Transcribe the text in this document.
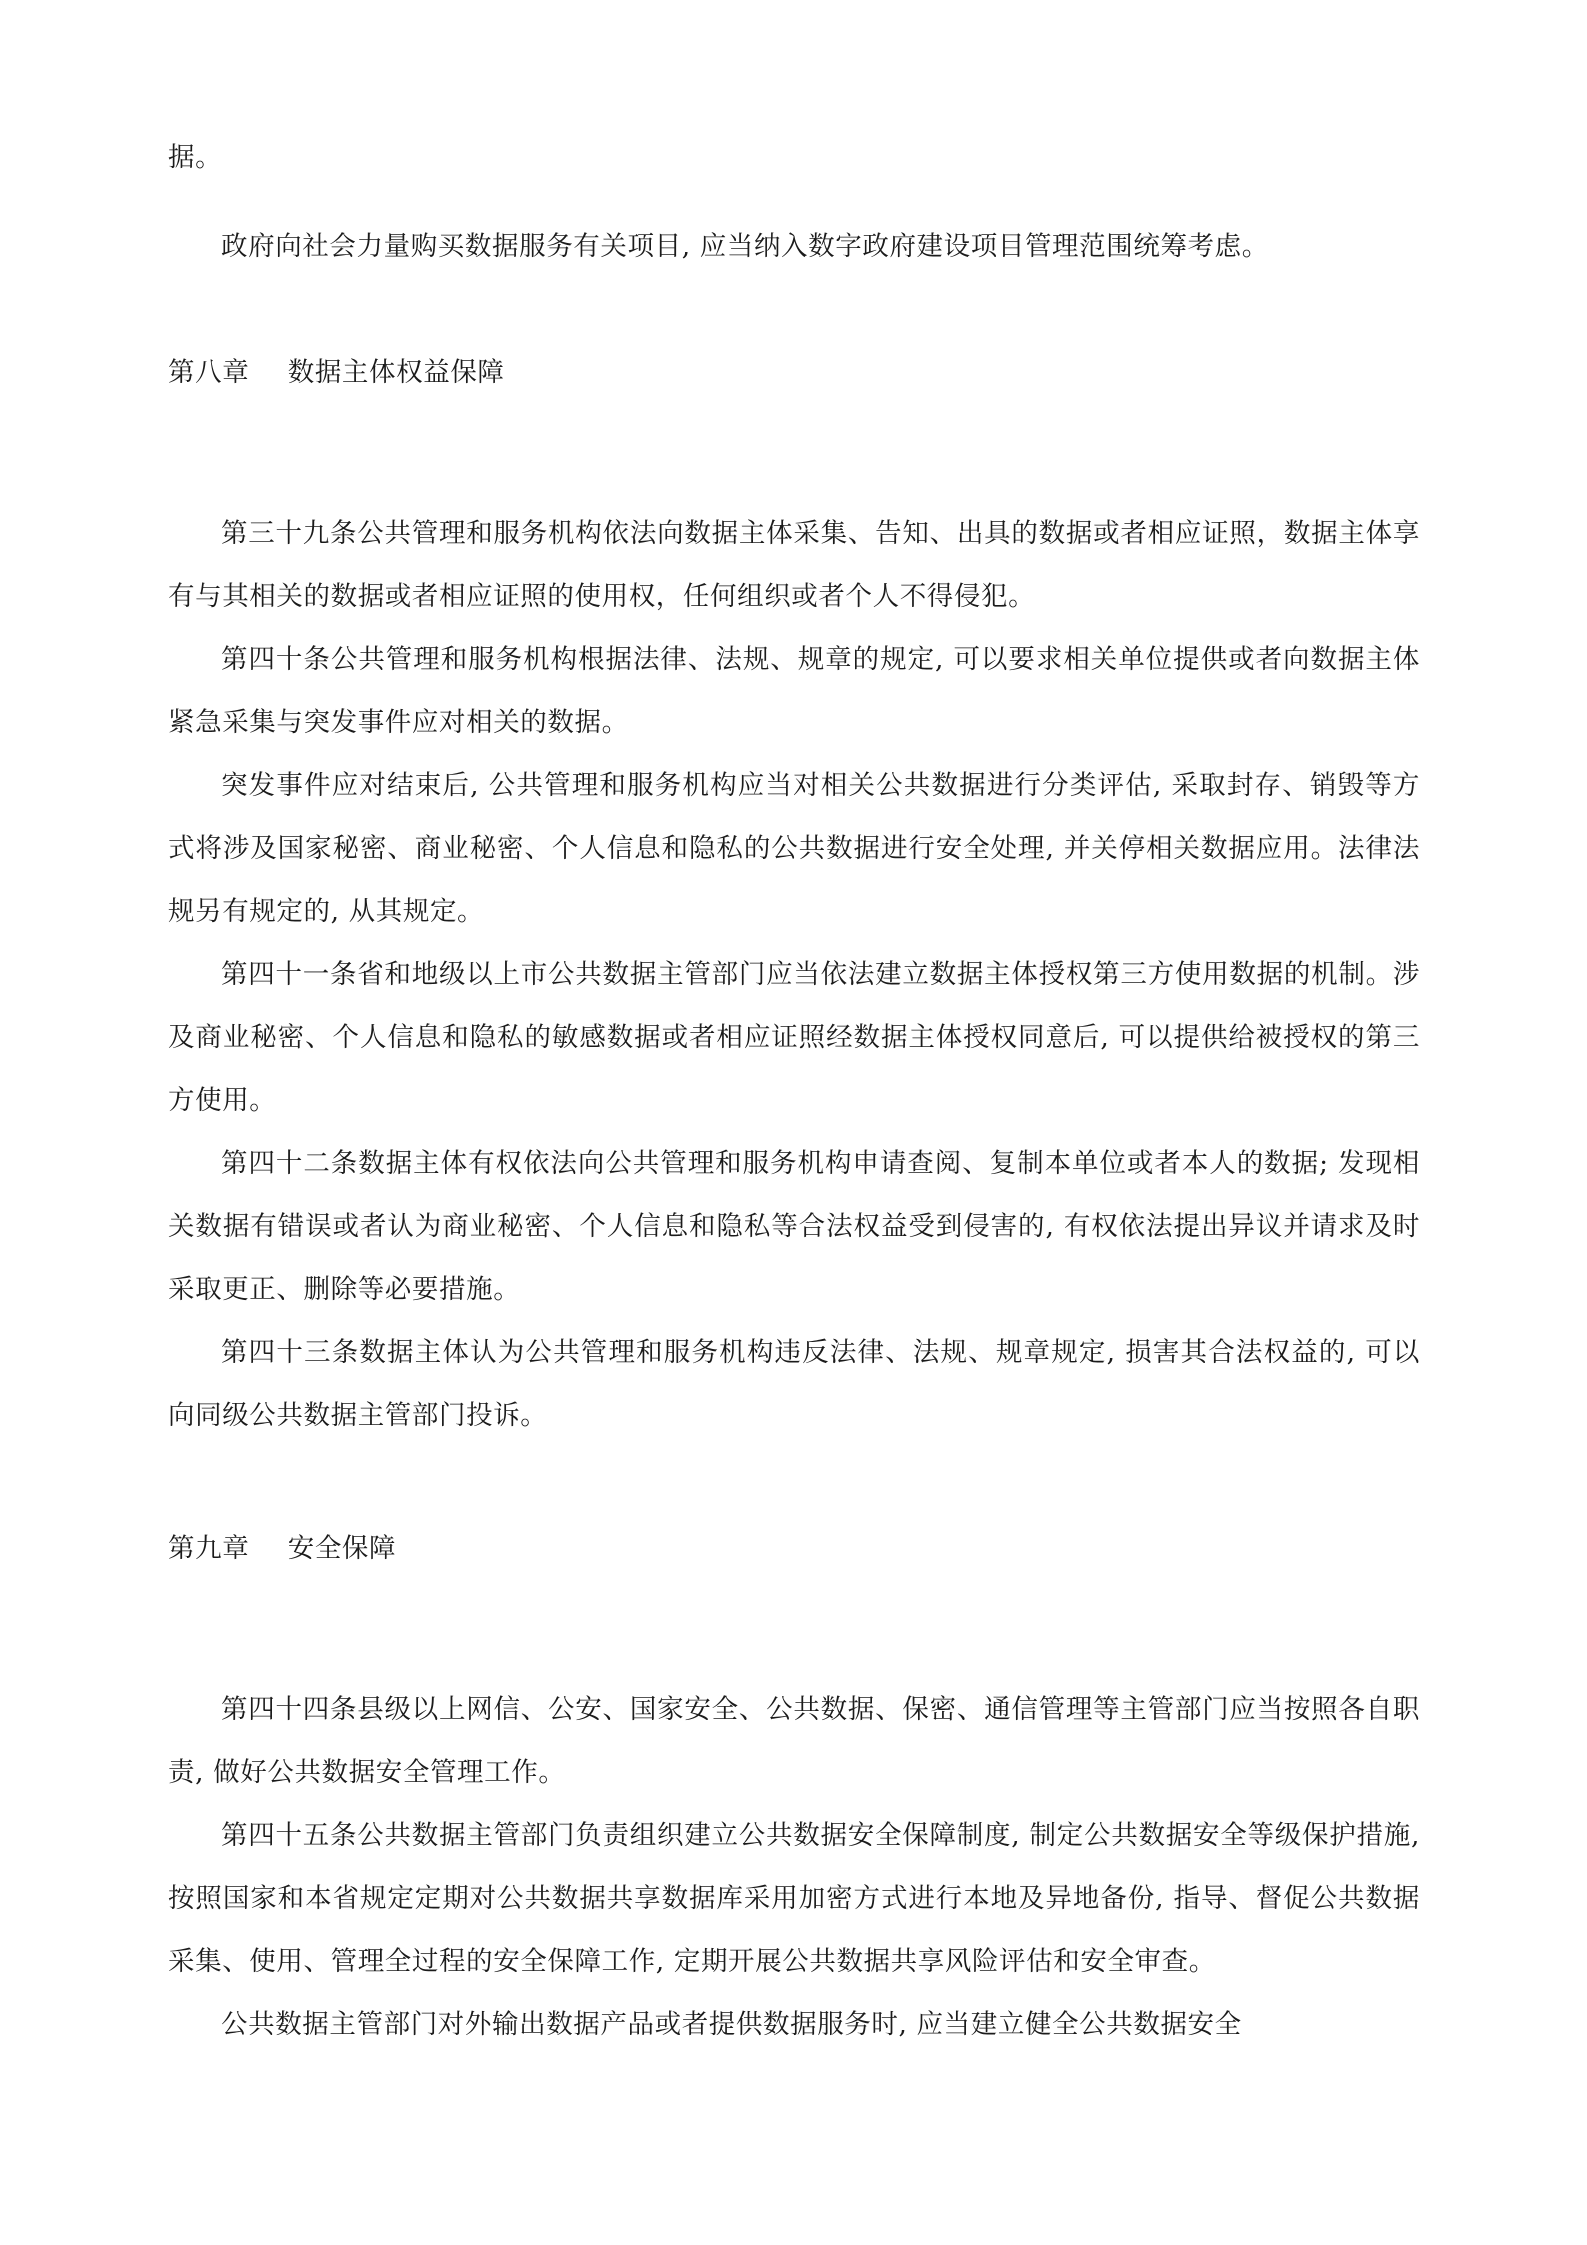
据。

政府向社会力量购买数据服务有关项目, 应当纳入数字政府建设项目管理范围统筹考虑。

第八章 数据主体权益保障

第三十九条公共管理和服务机构依法向数据主体采集、告知、出具的数据或者相应证照，数据主体享有与其相关的数据或者相应证照的使用权，任何组织或者个人不得侵犯。

第四十条公共管理和服务机构根据法律、法规、规章的规定, 可以要求相关单位提供或者向数据主体紧急采集与突发事件应对相关的数据。

突发事件应对结束后, 公共管理和服务机构应当对相关公共数据进行分类评估, 采取封存、销毁等方式将涉及国家秘密、商业秘密、个人信息和隐私的公共数据进行安全处理, 并关停相关数据应用。法律法规另有规定的, 从其规定。

第四十一条省和地级以上市公共数据主管部门应当依法建立数据主体授权第三方使用数据的机制。涉及商业秘密、个人信息和隐私的敏感数据或者相应证照经数据主体授权同意后, 可以提供给被授权的第三方使用。

第四十二条数据主体有权依法向公共管理和服务机构申请查阅、复制本单位或者本人的数据; 发现相关数据有错误或者认为商业秘密、个人信息和隐私等合法权益受到侵害的, 有权依法提出异议并请求及时采取更正、删除等必要措施。

第四十三条数据主体认为公共管理和服务机构违反法律、法规、规章规定, 损害其合法权益的, 可以向同级公共数据主管部门投诉。

第九章 安全保障

第四十四条县级以上网信、公安、国家安全、公共数据、保密、通信管理等主管部门应当按照各自职责, 做好公共数据安全管理工作。

第四十五条公共数据主管部门负责组织建立公共数据安全保障制度, 制定公共数据安全等级保护措施, 按照国家和本省规定定期对公共数据共享数据库采用加密方式进行本地及异地备份, 指导、督促公共数据采集、使用、管理全过程的安全保障工作, 定期开展公共数据共享风险评估和安全审查。

公共数据主管部门对外输出数据产品或者提供数据服务时, 应当建立健全公共数据安全
